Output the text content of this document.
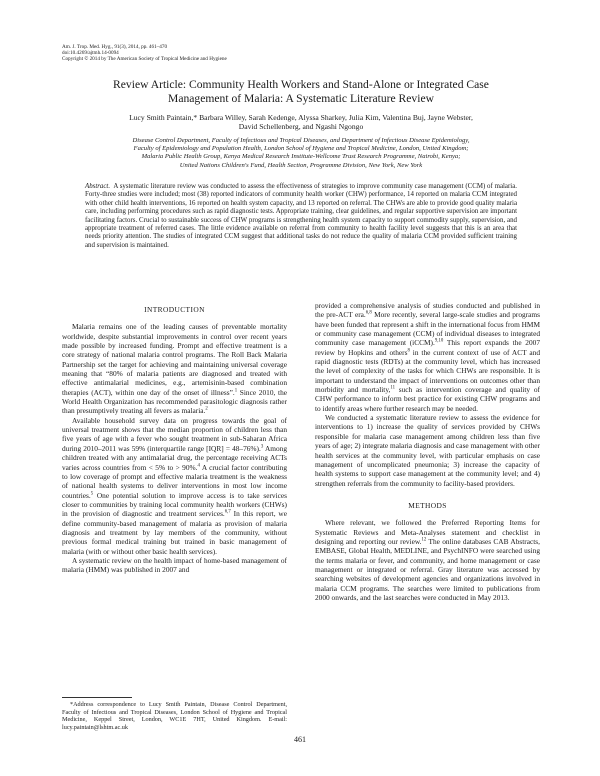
Am. J. Trop. Med. Hyg., 91(3), 2014, pp. 461–470
doi:10.4269/ajtmh.14-0094
Copyright © 2014 by The American Society of Tropical Medicine and Hygiene
Review Article: Community Health Workers and Stand-Alone or Integrated Case
Management of Malaria: A Systematic Literature Review
Lucy Smith Paintain,* Barbara Willey, Sarah Kedenge, Alyssa Sharkey, Julia Kim, Valentina Buj, Jayne Webster,
David Schellenberg, and Ngashi Ngongo
Disease Control Department, Faculty of Infectious and Tropical Diseases, and Department of Infectious Disease Epidemiology,
Faculty of Epidemiology and Population Health, London School of Hygiene and Tropical Medicine, London, United Kingdom;
Malaria Public Health Group, Kenya Medical Research Institute-Wellcome Trust Research Programme, Nairobi, Kenya;
United Nations Children's Fund, Health Section, Programme Division, New York, New York
Abstract. A systematic literature review was conducted to assess the effectiveness of strategies to improve community case management (CCM) of malaria. Forty-three studies were included; most (38) reported indicators of community health worker (CHW) performance, 14 reported on malaria CCM integrated with other child health interventions, 16 reported on health system capacity, and 13 reported on referral. The CHWs are able to provide good quality malaria care, including performing procedures such as rapid diagnostic tests. Appropriate training, clear guidelines, and regular supportive supervision are important facilitating factors. Crucial to sustainable success of CHW programs is strengthening health system capacity to support commodity supply, supervision, and appropriate treatment of referred cases. The little evidence available on referral from community to health facility level suggests that this is an area that needs priority attention. The studies of integrated CCM suggest that additional tasks do not reduce the quality of malaria CCM provided sufficient training and supervision is maintained.
INTRODUCTION

Malaria remains one of the leading causes of preventable mortality worldwide, despite substantial improvements in control over recent years made possible by increased funding. Prompt and effective treatment is a core strategy of national malaria control programs. The Roll Back Malaria Partnership set the target for achieving and maintaining universal coverage meaning that “80% of malaria patients are diagnosed and treated with effective antimalarial medicines, e.g., artemisinin-based combination therapies (ACT), within one day of the onset of illness”.$^1$ Since 2010, the World Health Organization has recommended parasitologic diagnosis rather than presumptively treating all fevers as malaria.$^2$

Available household survey data on progress towards the goal of universal treatment shows that the median proportion of children less than five years of age with a fever who sought treatment in sub-Saharan Africa during 2010–2011 was 59% (interquartile range [IQR] = 48–76%).$^3$ Among children treated with any antimalarial drug, the percentage receiving ACTs varies across countries from < 5% to > 90%.$^4$ A crucial factor contributing to low coverage of prompt and effective malaria treatment is the weakness of national health systems to deliver interventions in most low income countries.$^5$ One potential solution to improve access is to take services closer to communities by training local community health workers (CHWs) in the provision of diagnostic and treatment services.$^{6,7}$ In this report, we define community-based management of malaria as provision of malaria diagnosis and treatment by lay members of the community, without previous formal medical training but trained in basic management of malaria (with or without other basic health services).

A systematic review on the health impact of home-based management of malaria (HMM) was published in 2007 and

provided a comprehensive analysis of studies conducted and published in the pre-ACT era.$^{6,8}$ More recently, several large-scale studies and programs have been funded that represent a shift in the international focus from HMM or community case management (CCM) of individual diseases to integrated community case management (iCCM).$^{9,10}$ This report expands the 2007 review by Hopkins and others$^8$ in the current context of use of ACT and rapid diagnostic tests (RDTs) at the community level, which has increased the level of complexity of the tasks for which CHWs are responsible. It is important to understand the impact of interventions on outcomes other than morbidity and mortality,$^{11}$ such as intervention coverage and quality of CHW performance to inform best practice for existing CHW programs and to identify areas where further research may be needed.

We conducted a systematic literature review to assess the evidence for interventions to 1) increase the quality of services provided by CHWs responsible for malaria case management among children less than five years of age; 2) integrate malaria diagnosis and case management with other health services at the community level, with particular emphasis on case management of uncomplicated pneumonia; 3) increase the capacity of health systems to support case management at the community level; and 4) strengthen referrals from the community to facility-based providers.

METHODS

Where relevant, we followed the Preferred Reporting Items for Systematic Reviews and Meta-Analyses statement and checklist in designing and reporting our review.$^{12}$ The online databases CAB Abstracts, EMBASE, Global Health, MEDLINE, and PsychINFO were searched using the terms malaria or fever, and community, and home management or case management or integrated or referral. Gray literature was accessed by searching websites of development agencies and organizations involved in malaria CCM programs. The searches were limited to publications from 2000 onwards, and the last searches were conducted in May 2013.

*Address correspondence to Lucy Smith Paintain, Disease Control Department, Faculty of Infectious and Tropical Diseases, London School of Hygiene and Tropical Medicine, Keppel Street, London, WC1E 7HT, United Kingdom. E-mail: lucy.paintain@lshtm.ac.uk

461
